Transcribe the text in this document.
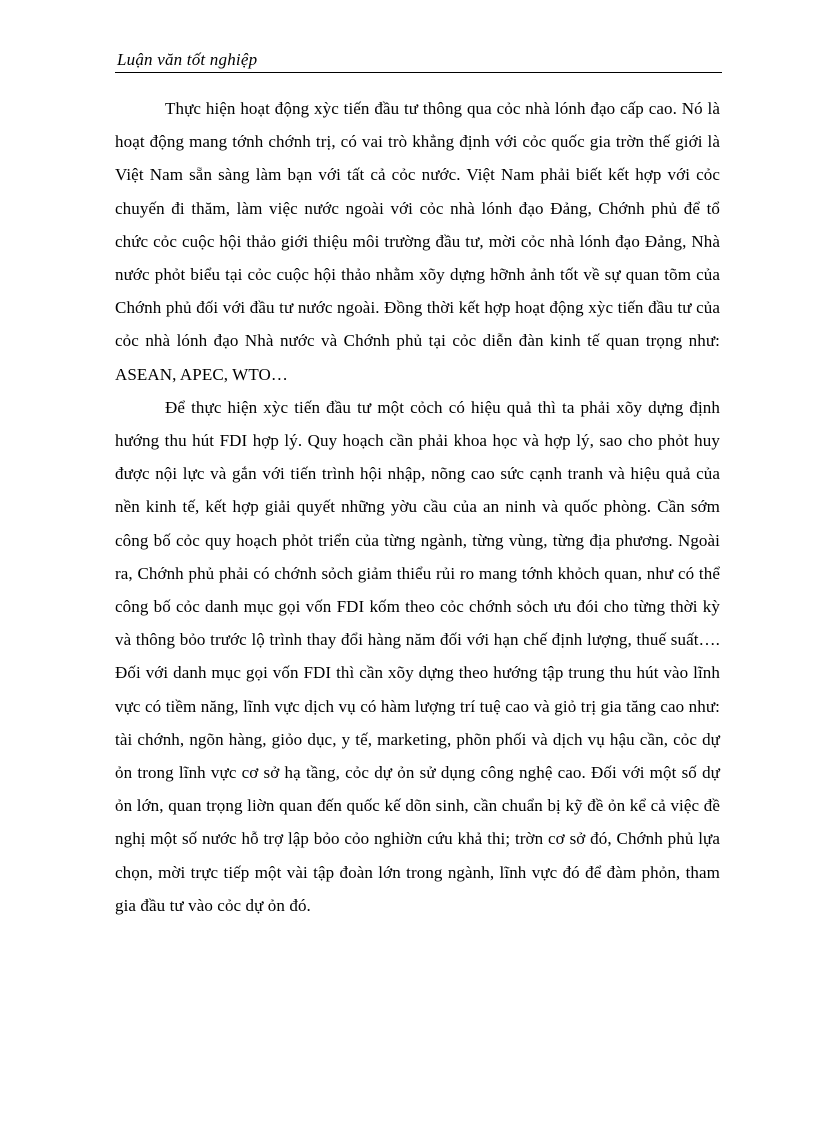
Luận văn tốt nghiệp

Thực hiện hoạt động xỳc tiến đầu tư thông qua cỏc nhà lónh đạo cấp cao. Nó là hoạt động mang tớnh chớnh trị, có vai trò khẳng định với cỏc quốc gia trờn thế giới là Việt Nam sẵn sàng làm bạn với tất cả cỏc nước. Việt Nam phải biết kết hợp với cỏc chuyến đi thăm, làm việc nước ngoài với cỏc nhà lónh đạo Đảng, Chớnh phủ để tổ chức cỏc cuộc hội thảo giới thiệu môi trường đầu tư, mời cỏc nhà lónh đạo Đảng, Nhà nước phỏt biểu tại cỏc cuộc hội thảo nhằm xõy dựng hỡnh ảnh tốt về sự quan tõm của Chớnh phủ đối với đầu tư nước ngoài. Đồng thời kết hợp hoạt động xỳc tiến đầu tư của cỏc nhà lónh đạo Nhà nước và Chớnh phủ tại cỏc diễn đàn kinh tế quan trọng như: ASEAN, APEC, WTO…

Để thực hiện xỳc tiến đầu tư một cỏch có hiệu quả thì ta phải xõy dựng định hướng thu hút FDI hợp lý. Quy hoạch cần phải khoa học và hợp lý, sao cho phỏt huy được nội lực và gắn với tiến trình hội nhập, nõng cao sức cạnh tranh và hiệu quả của nền kinh tế, kết hợp giải quyết những yờu cầu của an ninh và quốc phòng. Cần sớm công bố cỏc quy hoạch phỏt triển của từng ngành, từng vùng, từng địa phương. Ngoài ra, Chớnh phủ phải có chớnh sỏch giảm thiểu rủi ro mang tớnh khỏch quan, như có thể công bố cỏc danh mục gọi vốn FDI kốm theo cỏc chớnh sỏch ưu đói cho từng thời kỳ và thông bỏo trước lộ trình thay đổi hàng năm đối với hạn chế định lượng, thuế suất…. Đối với danh mục gọi vốn FDI thì cần xõy dựng theo hướng tập trung thu hút vào lĩnh vực có tiềm năng, lĩnh vực dịch vụ có hàm lượng trí tuệ cao và giỏ trị gia tăng cao như: tài chớnh, ngõn hàng, giỏo dục, y tế, marketing, phõn phối và dịch vụ hậu cần, cỏc dự ỏn trong lĩnh vực cơ sở hạ tầng, cỏc dự ỏn sử dụng công nghệ cao. Đối với một số dự ỏn lớn, quan trọng liờn quan đến quốc kế dõn sinh, cần chuẩn bị kỹ đề ỏn kể cả việc đề nghị một số nước hỗ trợ lập bỏo cỏo nghiờn cứu khả thi; trờn cơ sở đó, Chớnh phủ lựa chọn, mời trực tiếp một vài tập đoàn lớn trong ngành, lĩnh vực đó để đàm phỏn, tham gia đầu tư vào cỏc dự ỏn đó.
